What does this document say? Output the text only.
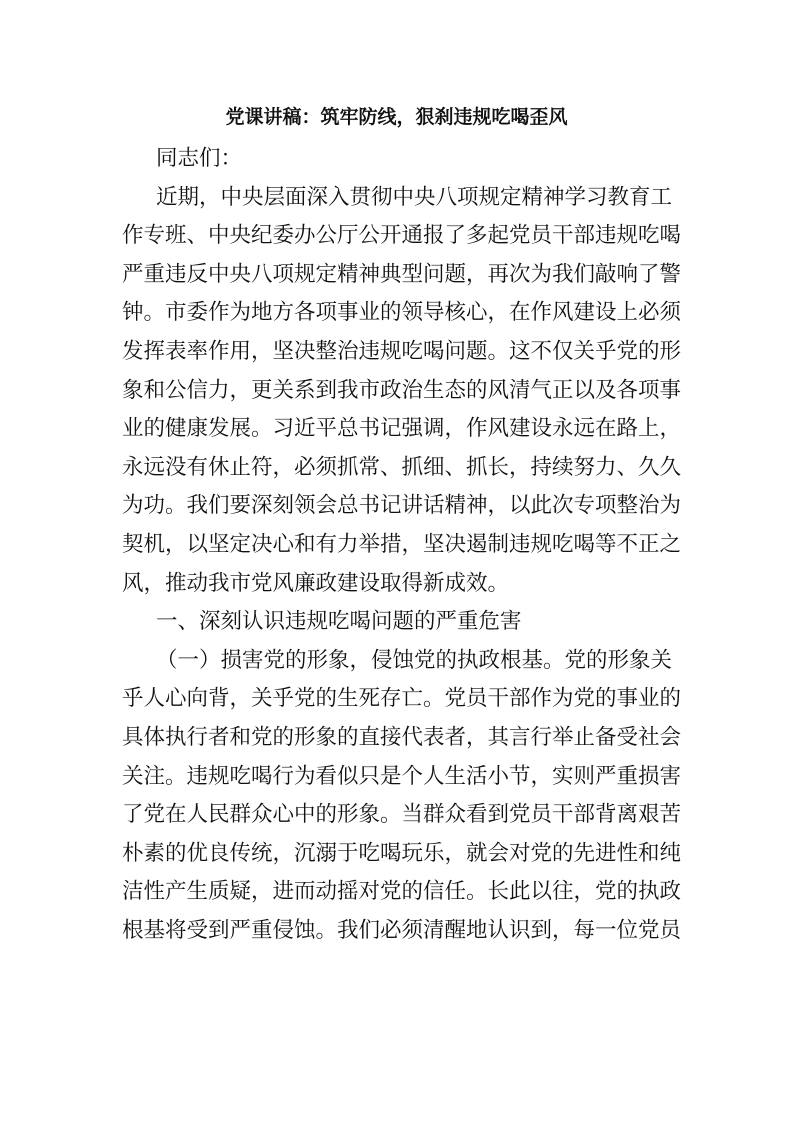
党课讲稿：筑牢防线，狠刹违规吃喝歪风
同志们：
近期，中央层面深入贯彻中央八项规定精神学习教育工
作专班、中央纪委办公厅公开通报了多起党员干部违规吃喝
严重违反中央八项规定精神典型问题，再次为我们敲响了警
钟。市委作为地方各项事业的领导核心，在作风建设上必须
发挥表率作用，坚决整治违规吃喝问题。这不仅关乎党的形
象和公信力，更关系到我市政治生态的风清气正以及各项事
业的健康发展。习近平总书记强调，作风建设永远在路上，
永远没有休止符，必须抓常、抓细、抓长，持续努力、久久
为功。我们要深刻领会总书记讲话精神，以此次专项整治为
契机，以坚定决心和有力举措，坚决遏制违规吃喝等不正之
风，推动我市党风廉政建设取得新成效。
一、深刻认识违规吃喝问题的严重危害
（一）损害党的形象，侵蚀党的执政根基。党的形象关
乎人心向背，关乎党的生死存亡。党员干部作为党的事业的
具体执行者和党的形象的直接代表者，其言行举止备受社会
关注。违规吃喝行为看似只是个人生活小节，实则严重损害
了党在人民群众心中的形象。当群众看到党员干部背离艰苦
朴素的优良传统，沉溺于吃喝玩乐，就会对党的先进性和纯
洁性产生质疑，进而动摇对党的信任。长此以往，党的执政
根基将受到严重侵蚀。我们必须清醒地认识到，每一位党员
